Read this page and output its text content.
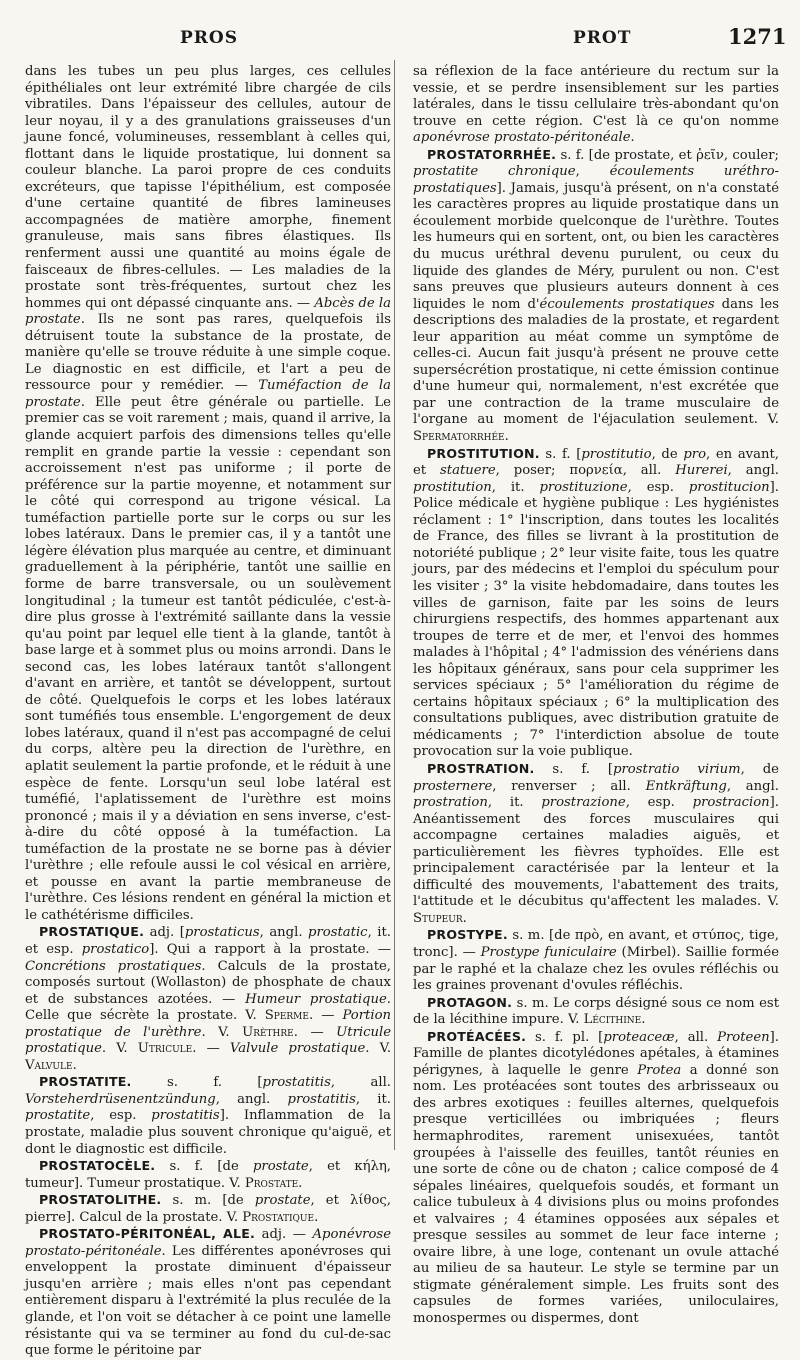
PROS	PROT	1271

dans les tubes un peu plus larges, ces cellules épithéliales ont leur extrémité libre chargée de cils vibratiles. Dans l'épaisseur des cellules, autour de leur noyau, il y a des granulations graisseuses d'un jaune foncé, volumineuses, ressemblant à celles qui, flottant dans le liquide prostatique, lui donnent sa couleur blanche. La paroi propre de ces conduits excréteurs, que tapisse l'épithélium, est composée d'une certaine quantité de fibres lamineuses accompagnées de matière amorphe, finement granuleuse, mais sans fibres élastiques. Ils renferment aussi une quantité au moins égale de faisceaux de fibres-cellules. — Les maladies de la prostate sont très-fréquentes, surtout chez les hommes qui ont dépassé cinquante ans. — Abcès de la prostate. Ils ne sont pas rares, quelquefois ils détruisent toute la substance de la prostate, de manière qu'elle se trouve réduite à une simple coque. Le diagnostic en est difficile, et l'art a peu de ressource pour y remédier. — Tuméfaction de la prostate. Elle peut être générale ou partielle. Le premier cas se voit rarement ; mais, quand il arrive, la glande acquiert parfois des dimensions telles qu'elle remplit en grande partie la vessie : cependant son accroissement n'est pas uniforme ; il porte de préférence sur la partie moyenne, et notamment sur le côté qui correspond au trigone vésical. La tuméfaction partielle porte sur le corps ou sur les lobes latéraux. Dans le premier cas, il y a tantôt une légère élévation plus marquée au centre, et diminuant graduellement à la périphérie, tantôt une saillie en forme de barre transversale, ou un soulèvement longitudinal ; la tumeur est tantôt pédiculée, c'est-à-dire plus grosse à l'extrémité saillante dans la vessie qu'au point par lequel elle tient à la glande, tantôt à base large et à sommet plus ou moins arrondi. Dans le second cas, les lobes latéraux tantôt s'allongent d'avant en arrière, et tantôt se développent, surtout de côté. Quelquefois le corps et les lobes latéraux sont tuméfiés tous ensemble. L'engorgement de deux lobes latéraux, quand il n'est pas accompagné de celui du corps, altère peu la direction de l'urèthre, en aplatit seulement la partie profonde, et le réduit à une espèce de fente. Lorsqu'un seul lobe latéral est tuméfié, l'aplatissement de l'urèthre est moins prononcé ; mais il y a déviation en sens inverse, c'est-à-dire du côté opposé à la tuméfaction. La tuméfaction de la prostate ne se borne pas à dévier l'urèthre ; elle refoule aussi le col vésical en arrière, et pousse en avant la partie membraneuse de l'urèthre. Ces lésions rendent en général la miction et le cathétérisme difficiles.

PROSTATIQUE. adj. [prostaticus, angl. prostatic, it. et esp. prostatico]. Qui a rapport à la prostate. — Concrétions prostatiques. Calculs de la prostate, composés surtout (Wollaston) de phosphate de chaux et de substances azotées. — Humeur prostatique. Celle que sécrète la prostate. V. Sperme. — Portion prostatique de l'urèthre. V. Urèthre. — Utricule prostatique. V. Utricule. — Valvule prostatique. V. Valvule.

PROSTATITE. s. f. [prostatitis, all. Vorsteherdrüsenentzündung, angl. prostatitis, it. prostatite, esp. prostatitis]. Inflammation de la prostate, maladie plus souvent chronique qu'aiguë, et dont le diagnostic est difficile.

PROSTATOCÈLE. s. f. [de prostate, et κήλη, tumeur]. Tumeur prostatique. V. Prostate.

PROSTATOLITHE. s. m. [de prostate, et λίθος, pierre]. Calcul de la prostate. V. Prostatique.

PROSTATO-PÉRITONÉAL, ALE. adj. — Aponévrose prostato-péritonéale. Les différentes aponévroses qui enveloppent la prostate diminuent d'épaisseur jusqu'en arrière ; mais elles n'ont pas cependant entièrement disparu à l'extrémité la plus reculée de la glande, et l'on voit se détacher à ce point une lamelle résistante qui va se terminer au fond du cul-de-sac que forme le péritoine par

sa réflexion de la face antérieure du rectum sur la vessie, et se perdre insensiblement sur les parties latérales, dans le tissu cellulaire très-abondant qu'on trouve en cette région. C'est là ce qu'on nomme aponévrose prostato-péritonéale.

PROSTATORRHÉE. s. f. [de prostate, et ῥεῖν, couler; prostatite chronique, écoulements uréthro-prostatiques]. Jamais, jusqu'à présent, on n'a constaté les caractères propres au liquide prostatique dans un écoulement morbide quelconque de l'urèthre. Toutes les humeurs qui en sortent, ont, ou bien les caractères du mucus uréthral devenu purulent, ou ceux du liquide des glandes de Méry, purulent ou non. C'est sans preuves que plusieurs auteurs donnent à ces liquides le nom d'écoulements prostatiques dans les descriptions des maladies de la prostate, et regardent leur apparition au méat comme un symptôme de celles-ci. Aucun fait jusqu'à présent ne prouve cette supersécrétion prostatique, ni cette émission continue d'une humeur qui, normalement, n'est excrétée que par une contraction de la trame musculaire de l'organe au moment de l'éjaculation seulement. V. Spermatorrhée.

PROSTITUTION. s. f. [prostitutio, de pro, en avant, et statuere, poser; πορνεία, all. Hurerei, angl. prostitution, it. prostituzione, esp. prostitucion]. Police médicale et hygiène publique : Les hygiénistes réclament : 1° l'inscription, dans toutes les localités de France, des filles se livrant à la prostitution de notoriété publique ; 2° leur visite faite, tous les quatre jours, par des médecins et l'emploi du spéculum pour les visiter ; 3° la visite hebdomadaire, dans toutes les villes de garnison, faite par les soins de leurs chirurgiens respectifs, des hommes appartenant aux troupes de terre et de mer, et l'envoi des hommes malades à l'hôpital ; 4° l'admission des vénériens dans les hôpitaux généraux, sans pour cela supprimer les services spéciaux ; 5° l'amélioration du régime de certains hôpitaux spéciaux ; 6° la multiplication des consultations publiques, avec distribution gratuite de médicaments ; 7° l'interdiction absolue de toute provocation sur la voie publique.

PROSTRATION. s. f. [prostratio virium, de prosternere, renverser ; all. Entkräftung, angl. prostration, it. prostrazione, esp. prostracion]. Anéantissement des forces musculaires qui accompagne certaines maladies aiguës, et particulièrement les fièvres typhoïdes. Elle est principalement caractérisée par la lenteur et la difficulté des mouvements, l'abattement des traits, l'attitude et le décubitus qu'affectent les malades. V. Stupeur.

PROSTYPE. s. m. [de πρὸ, en avant, et στύπος, tige, tronc]. — Prostype funiculaire (Mirbel). Saillie formée par le raphé et la chalaze chez les ovules réfléchis ou les graines provenant d'ovules réfléchis.

PROTAGON. s. m. Le corps désigné sous ce nom est de la lécithine impure. V. Lécithine.

PROTÉACÉES. s. f. pl. [proteaceæ, all. Proteen]. Famille de plantes dicotylédones apétales, à étamines périgynes, à laquelle le genre Protea a donné son nom. Les protéacées sont toutes des arbrisseaux ou des arbres exotiques : feuilles alternes, quelquefois presque verticillées ou imbriquées ; fleurs hermaphrodites, rarement unisexuées, tantôt groupées à l'aisselle des feuilles, tantôt réunies en une sorte de cône ou de chaton ; calice composé de 4 sépales linéaires, quelquefois soudés, et formant un calice tubuleux à 4 divisions plus ou moins profondes et valvaires ; 4 étamines opposées aux sépales et presque sessiles au sommet de leur face interne ; ovaire libre, à une loge, contenant un ovule attaché au milieu de sa hauteur. Le style se termine par un stigmate généralement simple. Les fruits sont des capsules de formes variées, uniloculaires, monospermes ou dispermes, dont
